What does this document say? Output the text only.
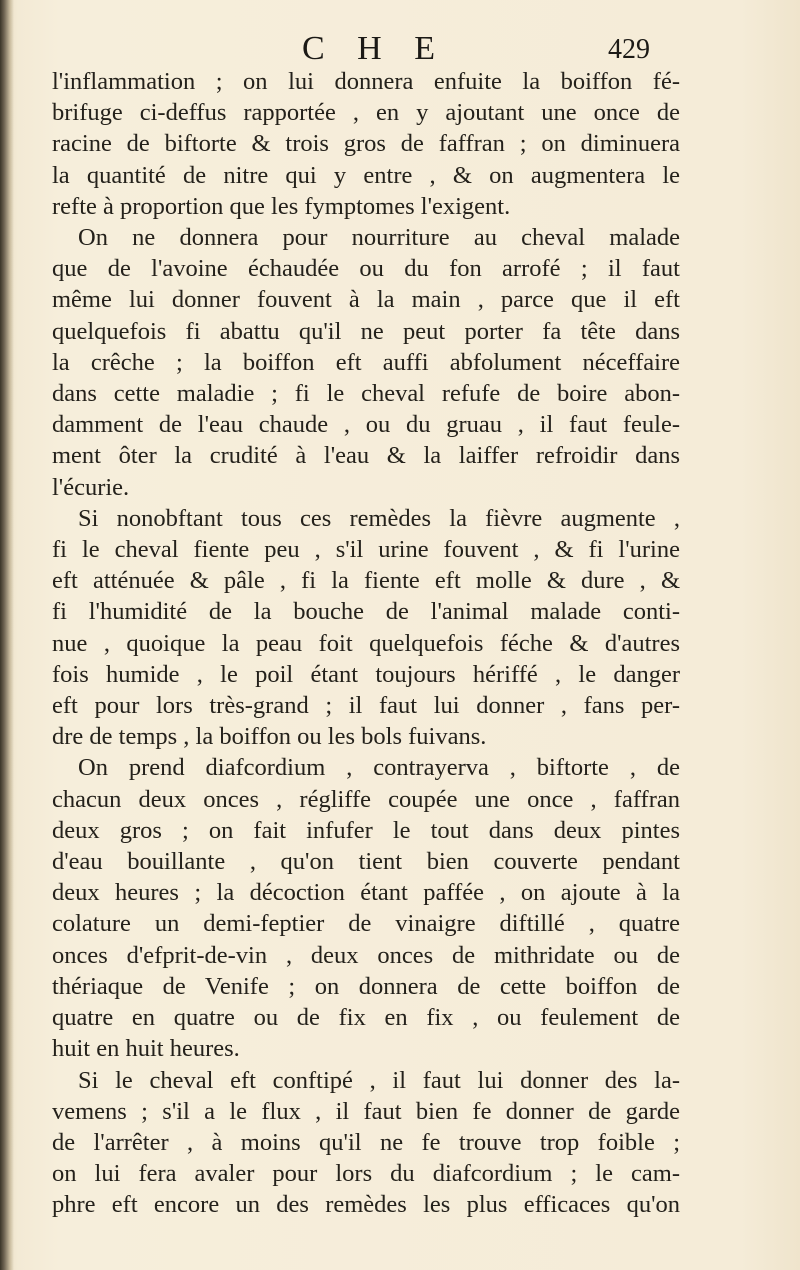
C H E	429
l'inflammation ; on lui donnera enfuite la boiffon fé-
brifuge ci-deffus rapportée , en y ajoutant une once de
racine de biftorte & trois gros de faffran ; on diminuera
la quantité de nitre qui y entre , & on augmentera le
refte à proportion que les fymptomes l'exigent.
On ne donnera pour nourriture au cheval malade
que de l'avoine échaudée ou du fon arrofé ; il faut
même lui donner fouvent à la main , parce que il eft
quelquefois fi abattu qu'il ne peut porter fa tête dans
la crêche ; la boiffon eft auffi abfolument néceffaire
dans cette maladie ; fi le cheval refufe de boire abon-
damment de l'eau chaude , ou du gruau , il faut feule-
ment ôter la crudité à l'eau & la laiffer refroidir dans
l'écurie.
Si nonobftant tous ces remèdes la fièvre augmente ,
fi le cheval fiente peu , s'il urine fouvent , & fi l'urine
eft atténuée & pâle , fi la fiente eft molle & dure , &
fi l'humidité de la bouche de l'animal malade conti-
nue , quoique la peau foit quelquefois féche & d'autres
fois humide , le poil étant toujours hériffé , le danger
eft pour lors très-grand ; il faut lui donner , fans per-
dre de temps , la boiffon ou les bols fuivans.
On prend diafcordium , contrayerva , biftorte , de
chacun deux onces , régliffe coupée une once , faffran
deux gros ; on fait infufer le tout dans deux pintes
d'eau bouillante , qu'on tient bien couverte pendant
deux heures ; la décoction étant paffée , on ajoute à la
colature un demi-feptier de vinaigre diftillé , quatre
onces d'efprit-de-vin , deux onces de mithridate ou de
thériaque de Venife ; on donnera de cette boiffon de
quatre en quatre ou de fix en fix , ou feulement de
huit en huit heures.
Si le cheval eft conftipé , il faut lui donner des la-
vemens ; s'il a le flux , il faut bien fe donner de garde
de l'arrêter , à moins qu'il ne fe trouve trop foible ;
on lui fera avaler pour lors du diafcordium ; le cam-
phre eft encore un des remèdes les plus efficaces qu'on
